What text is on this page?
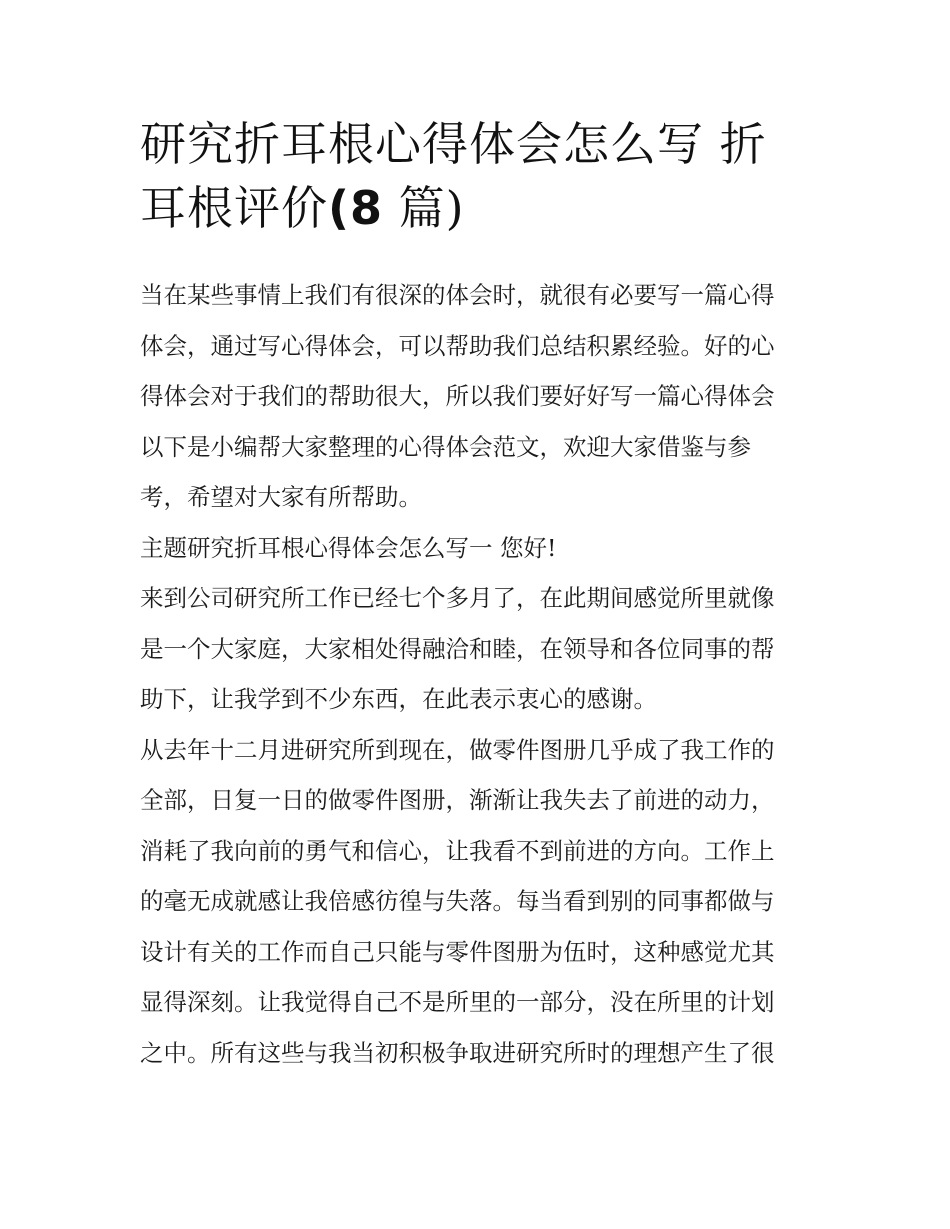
研究折耳根心得体会怎么写 折
耳根评价(8 篇)

当在某些事情上我们有很深的体会时，就很有必要写一篇心得
体会，通过写心得体会，可以帮助我们总结积累经验。好的心
得体会对于我们的帮助很大，所以我们要好好写一篇心得体会
以下是小编帮大家整理的心得体会范文，欢迎大家借鉴与参
考，希望对大家有所帮助。

主题研究折耳根心得体会怎么写一 您好!

来到公司研究所工作已经七个多月了，在此期间感觉所里就像
是一个大家庭，大家相处得融洽和睦，在领导和各位同事的帮
助下，让我学到不少东西，在此表示衷心的感谢。

从去年十二月进研究所到现在，做零件图册几乎成了我工作的
全部，日复一日的做零件图册，渐渐让我失去了前进的动力，
消耗了我向前的勇气和信心，让我看不到前进的方向。工作上
的毫无成就感让我倍感彷徨与失落。每当看到别的同事都做与
设计有关的工作而自己只能与零件图册为伍时，这种感觉尤其
显得深刻。让我觉得自己不是所里的一部分，没在所里的计划
之中。所有这些与我当初积极争取进研究所时的理想产生了很
